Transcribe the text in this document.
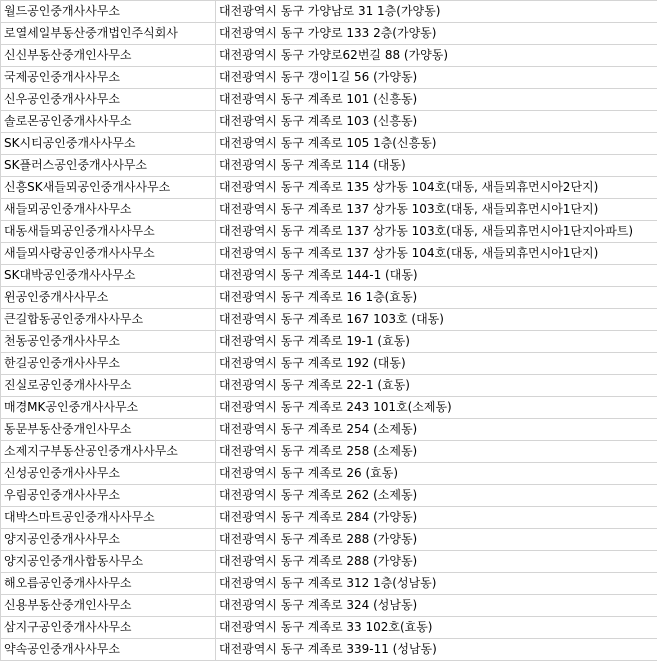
월드공인중개사사무소	대전광역시 동구 가양남로 31 1층(가양동)
로열세일부동산중개법인주식회사	대전광역시 동구 가양로 133 2층(가양동)
신신부동산중개인사무소	대전광역시 동구 가양로62번길 88 (가양동)
국제공인중개사사무소	대전광역시 동구 갱이1길 56 (가양동)
신우공인중개사사무소	대전광역시 동구 계족로 101 (신흥동)
솔로몬공인중개사사무소	대전광역시 동구 계족로 103 (신흥동)
SK시티공인중개사사무소	대전광역시 동구 계족로 105 1층(신흥동)
SK플러스공인중개사사무소	대전광역시 동구 계족로 114 (대동)
신흥SK새들뫼공인중개사사무소	대전광역시 동구 계족로 135 상가동 104호(대동, 새들뫼휴먼시아2단지)
새들뫼공인중개사사무소	대전광역시 동구 계족로 137 상가동 103호(대동, 새들뫼휴먼시아1단지)
대동새들뫼공인중개사사무소	대전광역시 동구 계족로 137 상가동 103호(대동, 새들뫼휴먼시아1단지아파트)
새들뫼사랑공인중개사사무소	대전광역시 동구 계족로 137 상가동 104호(대동, 새들뫼휴먼시아1단지)
SK대박공인중개사사무소	대전광역시 동구 계족로 144-1 (대동)
윈공인중개사사무소	대전광역시 동구 계족로 16 1층(효동)
큰길합동공인중개사사무소	대전광역시 동구 계족로 167 103호 (대동)
천동공인중개사사무소	대전광역시 동구 계족로 19-1 (효동)
한길공인중개사사무소	대전광역시 동구 계족로 192 (대동)
진실로공인중개사사무소	대전광역시 동구 계족로 22-1 (효동)
매경MK공인중개사사무소	대전광역시 동구 계족로 243 101호(소제동)
동문부동산중개인사무소	대전광역시 동구 계족로 254 (소제동)
소제지구부동산공인중개사사무소	대전광역시 동구 계족로 258 (소제동)
신성공인중개사사무소	대전광역시 동구 계족로 26 (효동)
우림공인중개사사무소	대전광역시 동구 계족로 262 (소제동)
대박스마트공인중개사사무소	대전광역시 동구 계족로 284 (가양동)
양지공인중개사사무소	대전광역시 동구 계족로 288 (가양동)
양지공인중개사합동사무소	대전광역시 동구 계족로 288 (가양동)
해오름공인중개사사무소	대전광역시 동구 계족로 312 1층(성남동)
신용부동산중개인사무소	대전광역시 동구 계족로 324 (성남동)
삼지구공인중개사사무소	대전광역시 동구 계족로 33 102호(효동)
약속공인중개사사무소	대전광역시 동구 계족로 339-11 (성남동)
